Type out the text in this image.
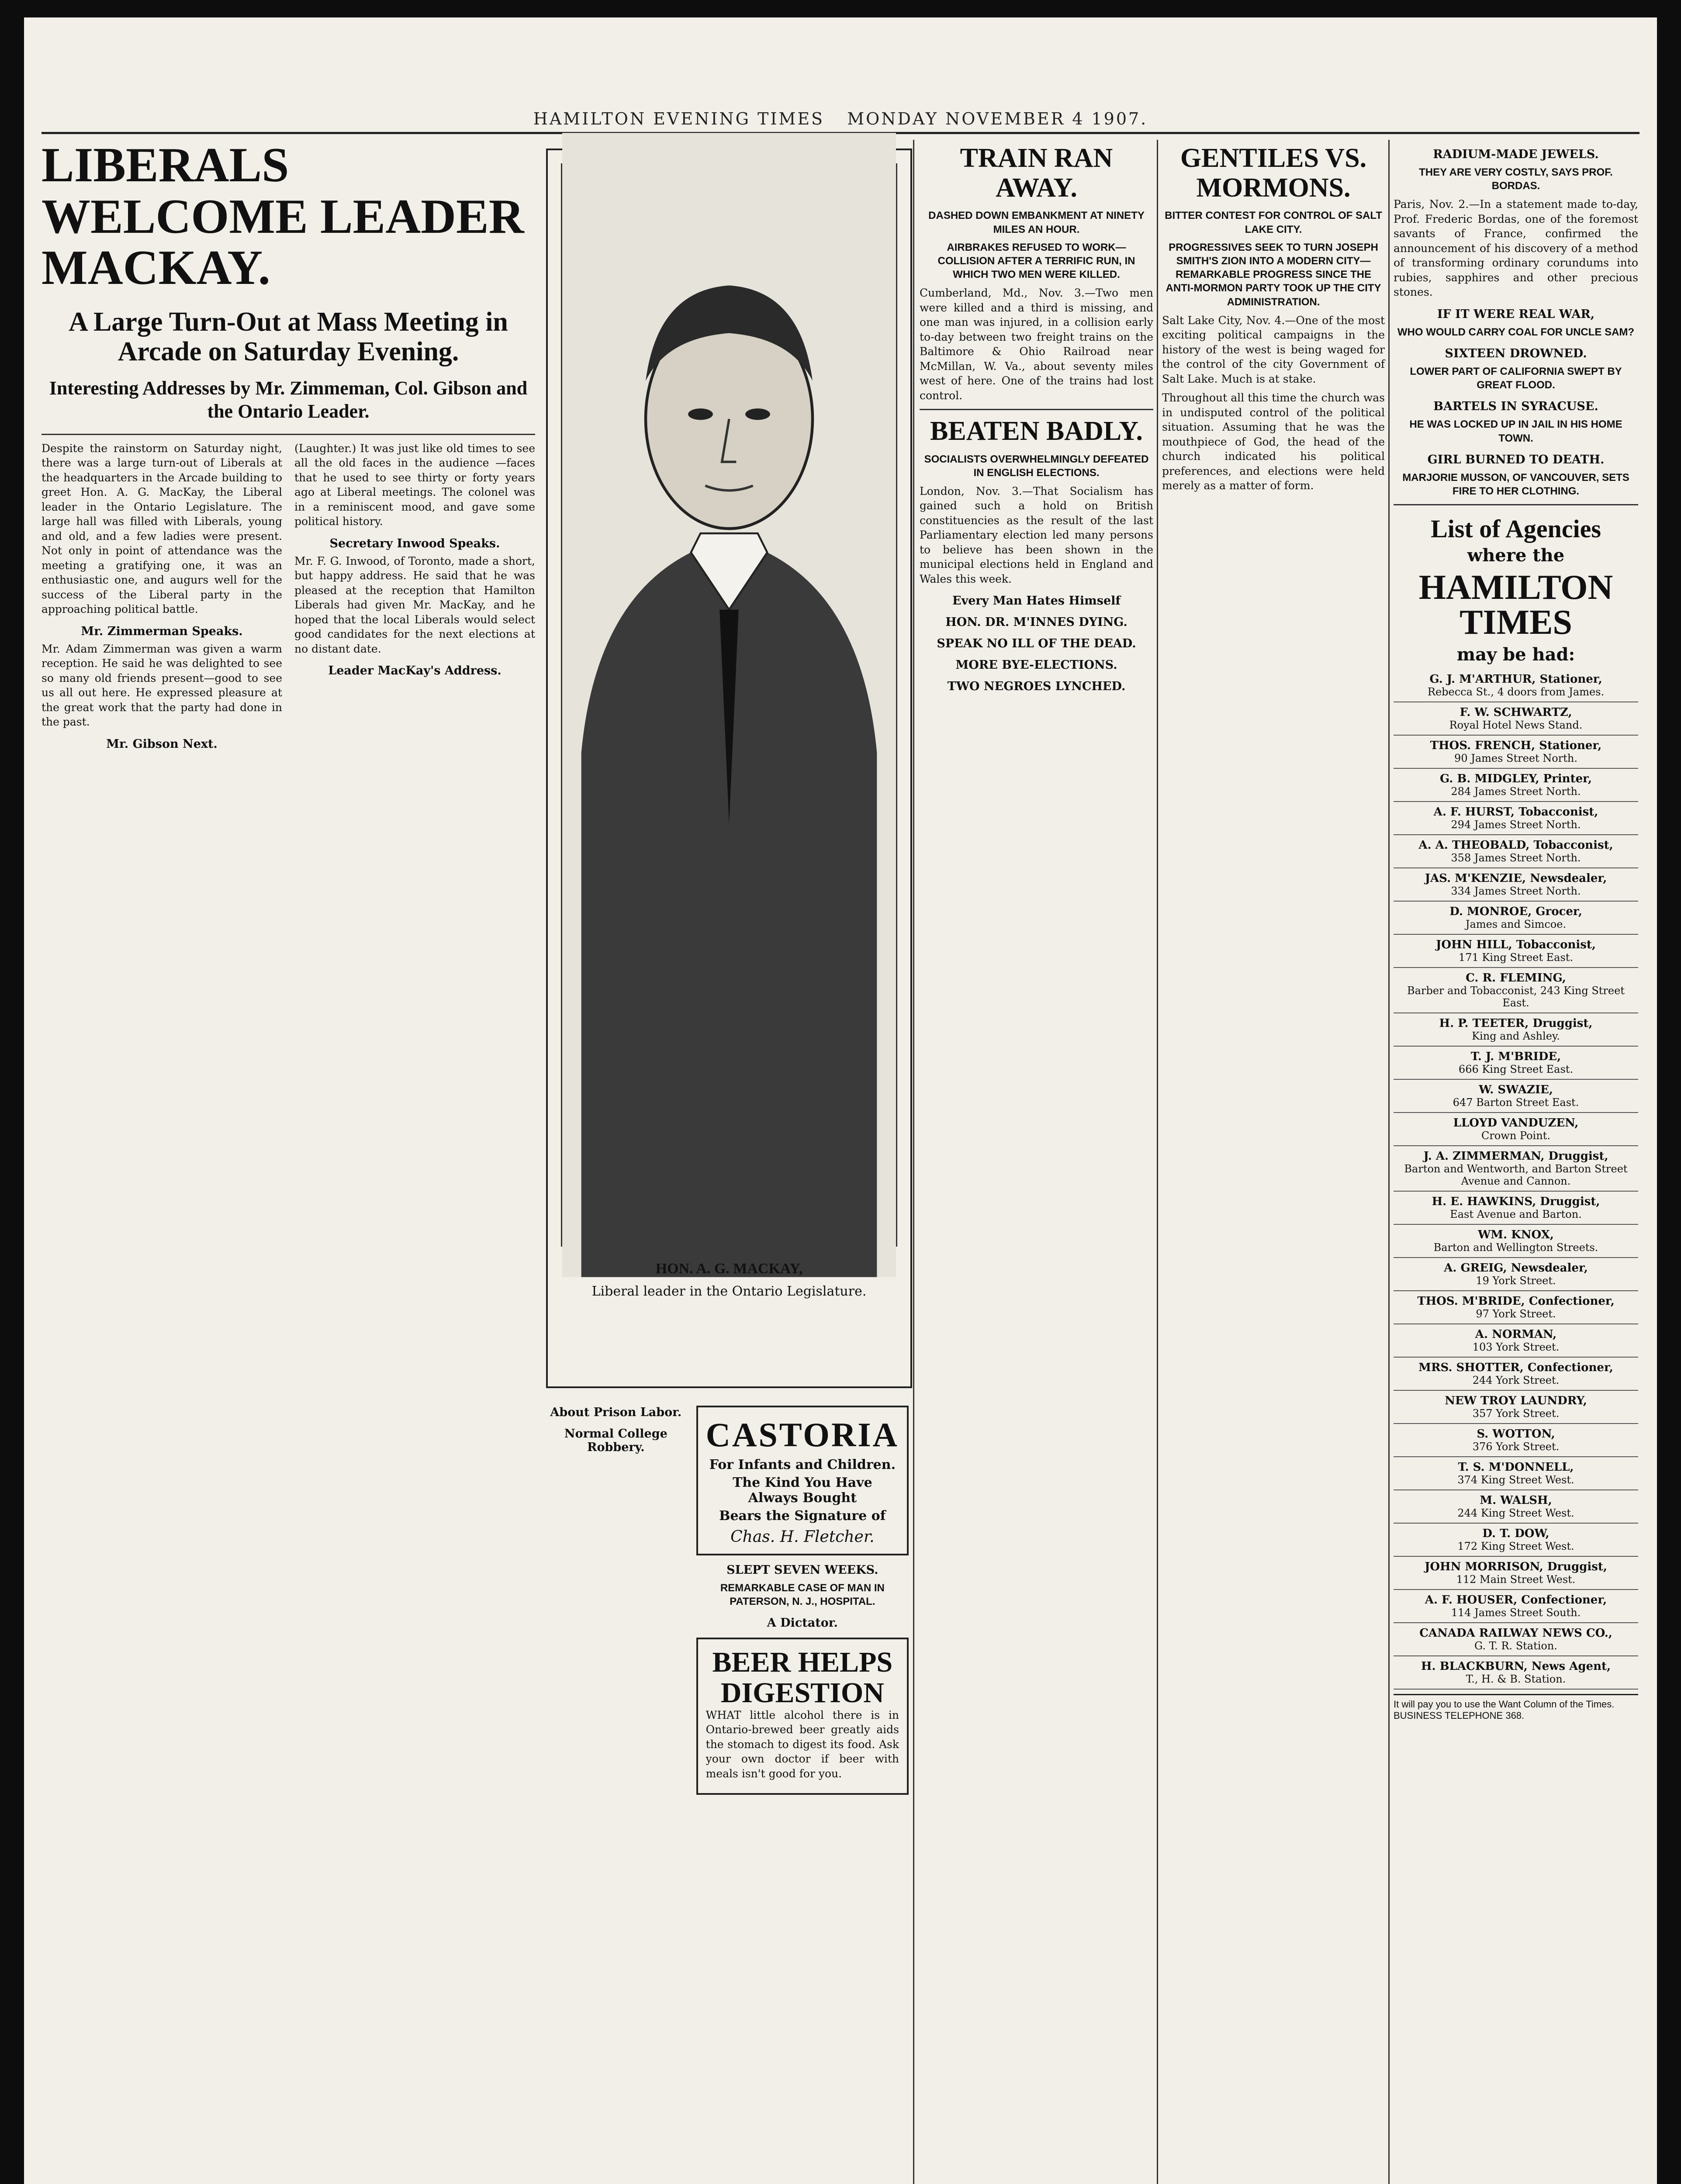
HAMILTON EVENING TIMES MONDAY NOVEMBER 4 1907.
LIBERALS WELCOME LEADER MACKAY.
A Large Turn-Out at Mass Meeting in Arcade on Saturday Evening.
Interesting Addresses by Mr. Zimmeman, Col. Gibson and the Ontario Leader.

Despite the rainstorm on Saturday night, there was a large turn-out of Liberals at the headquarters in the Arcade building to greet Hon. A. G. MacKay, the Liberal leader in the Ontario Legislature. The large hall was filled with Liberals, young and old, and a few ladies were present. Not only in point of attendance was the meeting a gratifying one, it was an enthusiastic one, and augurs well for the success of the Liberal party in the approaching political battle.

Mr. Zimmerman Speaks.

Mr. Adam Zimmerman was given a warm reception. He said he was delighted to see so many old friends present—good to see us all out here. He expressed pleasure at the great work that the party had done in the past.

Mr. Gibson Next.

(Laughter.) It was just like old times to see all the old faces in the audience —faces that he used to see thirty or forty years ago at Liberal meetings. The colonel was in a reminiscent mood, and gave some political history.

Secretary Inwood Speaks.

Mr. F. G. Inwood, of Toronto, made a short, but happy address. He said that he was pleased at the reception that Hamilton Liberals had given Mr. MacKay, and he hoped that the local Liberals would select good candidates for the next elections at no distant date.

Leader MacKay's Address.
HON. A. G. MACKAY,
Liberal leader in the Ontario Legislature.
About Prison Labor.
Normal College Robbery.	CASTORIA
For Infants and Children.
The Kind You Have Always Bought
Bears the Signature of
Chas. H. Fletcher.
SLEPT SEVEN WEEKS.
REMARKABLE CASE OF MAN IN PATERSON, N. J., HOSPITAL.
A Dictator.
BEER HELPS DIGESTION

WHAT little alcohol there is in Ontario-brewed beer greatly aids the stomach to digest its food. Ask your own doctor if beer with meals isn't good for you.

TRAIN RAN AWAY.
DASHED DOWN EMBANKMENT AT NINETY MILES AN HOUR.
AIRBRAKES REFUSED TO WORK—COLLISION AFTER A TERRIFIC RUN, IN WHICH TWO MEN WERE KILLED.

Cumberland, Md., Nov. 3.—Two men were killed and a third is missing, and one man was injured, in a collision early to-day between two freight trains on the Baltimore & Ohio Railroad near McMillan, W. Va., about seventy miles west of here. One of the trains had lost control.

BEATEN BADLY.
SOCIALISTS OVERWHELMINGLY DEFEATED IN ENGLISH ELECTIONS.

London, Nov. 3.—That Socialism has gained such a hold on British constituencies as the result of the last Parliamentary election led many persons to believe has been shown in the municipal elections held in England and Wales this week.

Every Man Hates Himself
HON. DR. M'INNES DYING.
SPEAK NO ILL OF THE DEAD.
MORE BYE-ELECTIONS.
TWO NEGROES LYNCHED.
GENTILES VS. MORMONS.
BITTER CONTEST FOR CONTROL OF SALT LAKE CITY.
PROGRESSIVES SEEK TO TURN JOSEPH SMITH'S ZION INTO A MODERN CITY—REMARKABLE PROGRESS SINCE THE ANTI-MORMON PARTY TOOK UP THE CITY ADMINISTRATION.

Salt Lake City, Nov. 4.—One of the most exciting political campaigns in the history of the west is being waged for the control of the city Government of Salt Lake. Much is at stake.

Throughout all this time the church was in undisputed control of the political situation. Assuming that he was the mouthpiece of God, the head of the church indicated his political preferences, and elections were held merely as a matter of form.

RADIUM-MADE JEWELS.
THEY ARE VERY COSTLY, SAYS PROF. BORDAS.

Paris, Nov. 2.—In a statement made to-day, Prof. Frederic Bordas, one of the foremost savants of France, confirmed the announcement of his discovery of a method of transforming ordinary corundums into rubies, sapphires and other precious stones.

IF IT WERE REAL WAR,
WHO WOULD CARRY COAL FOR UNCLE SAM?
SIXTEEN DROWNED.
LOWER PART OF CALIFORNIA SWEPT BY GREAT FLOOD.
BARTELS IN SYRACUSE.
HE WAS LOCKED UP IN JAIL IN HIS HOME TOWN.
GIRL BURNED TO DEATH.
MARJORIE MUSSON, OF VANCOUVER, SETS FIRE TO HER CLOTHING.
List of Agencies
where the
HAMILTON TIMES
may be had:
G. J. M'ARTHUR, Stationer,
Rebecca St., 4 doors from James.
F. W. SCHWARTZ,
Royal Hotel News Stand.
THOS. FRENCH, Stationer,
90 James Street North.
G. B. MIDGLEY, Printer,
284 James Street North.
A. F. HURST, Tobacconist,
294 James Street North.
A. A. THEOBALD, Tobacconist,
358 James Street North.
JAS. M'KENZIE, Newsdealer,
334 James Street North.
D. MONROE, Grocer,
James and Simcoe.
JOHN HILL, Tobacconist,
171 King Street East.
C. R. FLEMING,
Barber and Tobacconist, 243 King Street East.
H. P. TEETER, Druggist,
King and Ashley.
T. J. M'BRIDE,
666 King Street East.
W. SWAZIE,
647 Barton Street East.
LLOYD VANDUZEN,
Crown Point.
J. A. ZIMMERMAN, Druggist,
Barton and Wentworth, and Barton Street Avenue and Cannon.
H. E. HAWKINS, Druggist,
East Avenue and Barton.
WM. KNOX,
Barton and Wellington Streets.
A. GREIG, Newsdealer,
19 York Street.
THOS. M'BRIDE, Confectioner,
97 York Street.
A. NORMAN,
103 York Street.
MRS. SHOTTER, Confectioner,
244 York Street.
NEW TROY LAUNDRY,
357 York Street.
S. WOTTON,
376 York Street.
T. S. M'DONNELL,
374 King Street West.
M. WALSH,
244 King Street West.
D. T. DOW,
172 King Street West.
JOHN MORRISON, Druggist,
112 Main Street West.
A. F. HOUSER, Confectioner,
114 James Street South.
CANADA RAILWAY NEWS CO.,
G. T. R. Station.
H. BLACKBURN, News Agent,
T., H. & B. Station.
It will pay you to use the Want Column of the Times. BUSINESS TELEPHONE 368.
